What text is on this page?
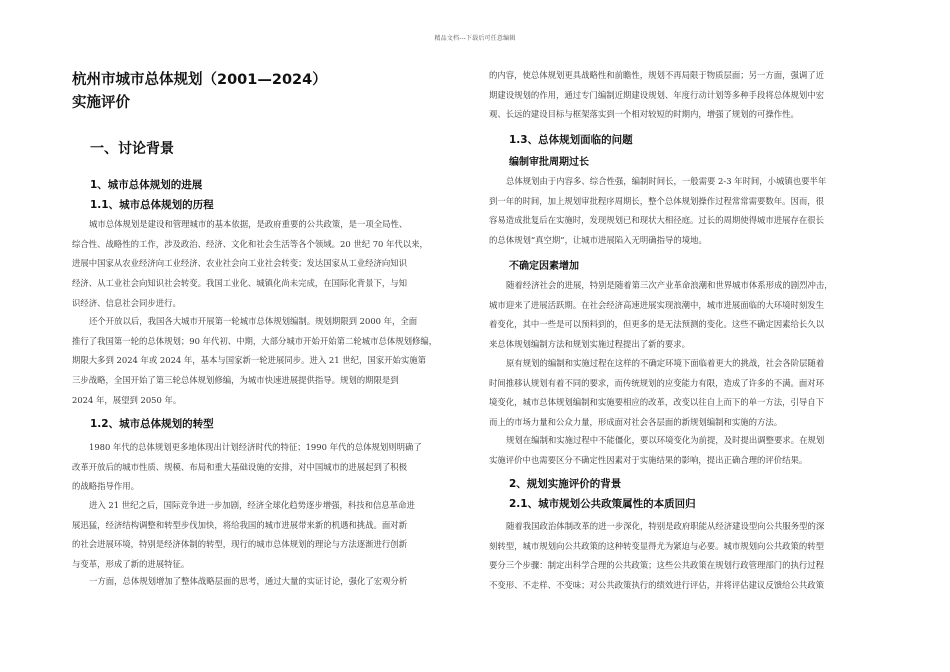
精品文档---下载后可任意编辑
杭州市城市总体规划（2001—2024）
实施评价
一、讨论背景
1、城市总体规划的进展
1.1、城市总体规划的历程
城市总体规划是建设和管理城市的基本依据，是政府重要的公共政策，是一项全局性、
综合性、战略性的工作，涉及政治、经济、文化和社会生活等各个领域。20 世纪 70 年代以来，
进展中国家从农业经济向工业经济、农业社会向工业社会转变；发达国家从工业经济向知识
经济、从工业社会向知识社会转变。我国工业化、城镇化尚未完成，在国际化背景下，与知
识经济、信息社会同步进行。
还个开放以后，我国各大城市开展第一轮城市总体规划编制。规划期限到 2000 年，全面
推行了我国第一轮的总体规划；90 年代初、中期，大部分城市开始开始第二轮城市总体规划修编，
期限大多到 2024 年或 2024 年，基本与国家新一轮进展同步。进入 21 世纪，国家开始实施第
三步战略，全国开始了第三轮总体规划修编，为城市快速进展提供指导。规划的期限是到
2024 年，展望到 2050 年。
1.2、城市总体规划的转型
1980 年代的总体规划更多地体现出计划经济时代的特征；1990 年代的总体规划则明确了
改革开放后的城市性质、规模、布局和重大基础设施的安排，对中国城市的进展起到了积极
的战略指导作用。
进入 21 世纪之后，国际竞争进一步加剧，经济全球化趋势逐步增强，科技和信息革命进
展迅猛，经济结构调整和转型步伐加快，将给我国的城市进展带来新的机遇和挑战。面对新
的社会进展环境，特别是经济体制的转型，现行的城市总体规划的理论与方法逐渐进行创新
与变革，形成了新的进展特征。
一方面，总体规划增加了整体战略层面的思考，通过大量的实证讨论，强化了宏观分析
的内容，使总体规划更具战略性和前瞻性，规划不再局限于物质层面；另一方面，强调了近
期建设规划的作用，通过专门编制近期建设规划、年度行动计划等多种手段将总体规划中宏
观、长远的建设目标与框架落实到一个相对较短的时期内，增强了规划的可操作性。
1.3、总体规划面临的问题
编制审批周期过长
总体规划由于内容多、综合性强，编制时间长，一般需要 2-3 年时间，小城镇也要半年
到一年的时间，加上规划审批程序周期长，整个总体规划操作过程常常需要数年。因而，很
容易造成批复后在实施时，发现规划已和现状大相径庭。过长的周期使得城市进展存在很长
的总体规划“真空期”，让城市进展陷入无明确指导的境地。
不确定因素增加
随着经济社会的进展，特别是随着第三次产业革命浪潮和世界城市体系形成的剧烈冲击，
城市迎来了进展活跃期。在社会经济高速进展实现浪潮中，城市进展面临的大环境时刻发生
着变化，其中一些是可以预料到的，但更多的是无法预测的变化。这些不确定因素给长久以
来总体规划编制方法和规划实施过程提出了新的要求。
原有规划的编制和实施过程在这样的不确定环境下面临着更大的挑战，社会各阶层随着
时间推移认规划有着不同的要求，而传统规划的应变能力有限，造成了许多的不满。面对环
境变化，城市总体规划编制和实施要相应的改革，改变以往自上而下的单一方法，引导自下
而上的市场力量和公众力量，形成面对社会各层面的新规划编制和实施的方法。
规划在编制和实施过程中不能僵化，要以环境变化为前提，及时提出调整要求。在规划
实施评价中也需要区分不确定性因素对于实施结果的影响，提出正确合理的评价结果。
2、规划实施评价的背景
2.1、城市规划公共政策属性的本质回归
随着我国政治体制改革的进一步深化，特别是政府职能从经济建设型向公共服务型的深
刻转型，城市规划向公共政策的这种转变显得尤为紧迫与必要。城市规划向公共政策的转型
要分三个步骤：制定出科学合理的公共政策；这些公共政策在规划行政管理部门的执行过程
不变形、不走样、不变味；对公共政策执行的绩效进行评估，并将评估建议反馈给公共政策
